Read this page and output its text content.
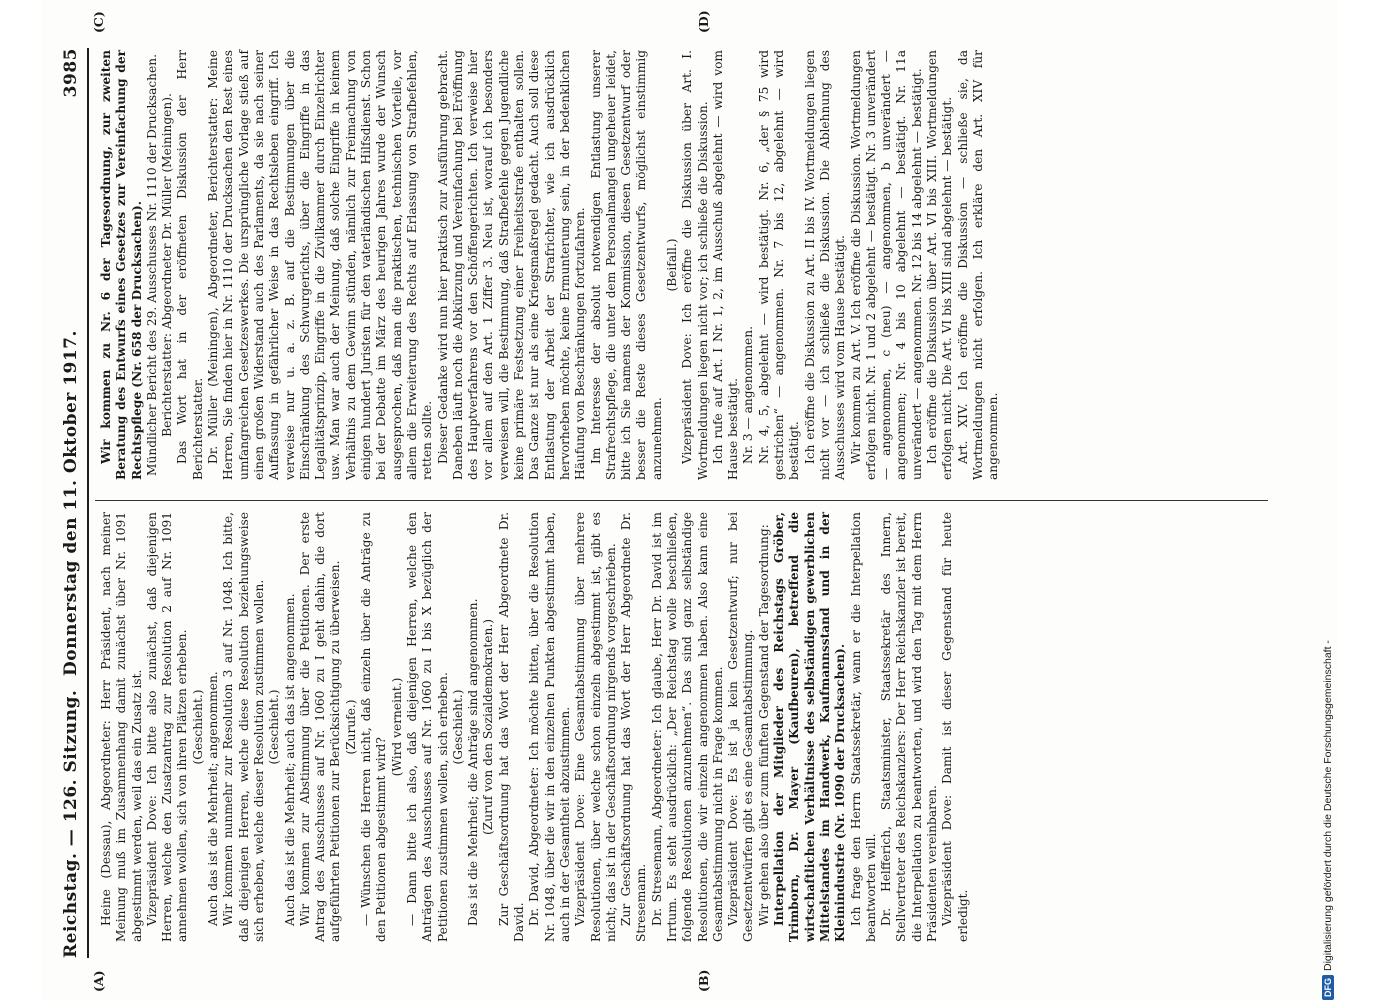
Reichstag. — 126. Sitzung.
Donnerstag den 11. Oktober 1917.
3985
(A)	(B)
(C)	(D)

Heine (Dessau), Abgeordneter: Herr Präsident, nach meiner Meinung muß im Zusammenhang damit zunächst über Nr. 1091 abgestimmt werden, weil das ein Zusatz ist. Vizepräsident Dove: Ich bitte also zunächst, daß diejenigen Herren, welche den Zusatzantrag zur Resolution 2 auf Nr. 1091 annehmen wollen, sich von ihren Plätzen erheben. (Geschieht.) Auch das ist die Mehrheit; angenommen. Wir kommen nunmehr zur Resolution 3 auf Nr. 1048. Ich bitte, daß diejenigen Herren, welche diese Resolution beziehungsweise sich erheben, welche dieser Resolution zustimmen wollen. (Geschieht.) Auch das ist die Mehrheit; auch das ist angenommen. Wir kommen zur Abstimmung über die Petitionen. Der erste Antrag des Ausschusses auf Nr. 1060 zu I geht dahin, die dort aufgeführten Petitionen zur Berücksichtigung zu überweisen. (Zurufe.) — Wünschen die Herren nicht, daß einzeln über die Anträge zu den Petitionen abgestimmt wird?

(Wird verneint.) — Dann bitte ich also, daß diejenigen Herren, welche den Anträgen des Ausschusses auf Nr. 1060 zu I bis X bezüglich der Petitionen zustimmen wollen, sich erheben. (Geschieht.) Das ist die Mehrheit; die Anträge sind angenommen. (Zuruf von den Sozialdemokraten.) Zur Geschäftsordnung hat das Wort der Herr Abgeordnete Dr. David. Dr. David, Abgeordneter: Ich möchte bitten, über die Resolution Nr. 1048, über die wir in den einzelnen Punkten abgestimmt haben, auch in der Gesamtheit abzustimmen. Vizepräsident Dove: Eine Gesamtabstimmung über mehrere Resolutionen, über welche schon einzeln abgestimmt ist, gibt es nicht; das ist in der Geschäftsordnung nirgends vorgeschrieben. Zur Geschäftsordnung hat das Wort der Herr Abgeordnete Dr. Stresemann. Dr. Stresemann, Abgeordneter: Ich glaube, Herr Dr. David ist im Irrtum. Es steht ausdrücklich: „Der Reichstag wolle beschließen, folgende Resolutionen anzunehmen“. Das sind ganz selbständige Resolutionen, die wir einzeln angenommen haben. Also kann eine Gesamtabstimmung nicht in Frage kommen. Vizepräsident Dove: Es ist ja kein Gesetzentwurf; nur bei Gesetzentwürfen gibt es eine Gesamtabstimmung. Wir gehen also über zum fünften Gegenstand der Tagesordnung: Interpellation der Mitglieder des Reichstags Gröber, Trimborn, Dr. Mayer (Kaufbeuren), betreffend die wirtschaftlichen Verhältnisse des selbständigen gewerblichen Mittelstandes im Handwerk, Kaufmannsstand und in der Kleinindustrie (Nr. 1090 der Drucksachen). Ich frage den Herrn Staatssekretär, wann er die Interpellation beantworten will. Dr. Helfferich, Staatsminister, Staatssekretär des Innern, Stellvertreter des Reichskanzlers: Der Herr Reichskanzler ist bereit, die Interpellation zu beantworten, und wird den Tag mit dem Herrn Präsidenten vereinbaren. Vizepräsident Dove: Damit ist dieser Gegenstand für heute erledigt.

Wir kommen zu Nr. 6 der Tagesordnung, zur zweiten Beratung des Entwurfs eines Gesetzes zur Vereinfachung der Rechtspflege (Nr. 658 der Drucksachen). Mündlicher Bericht des 29. Ausschusses Nr. 1110 der Drucksachen. Berichterstatter: Abgeordneter Dr. Müller (Meiningen). Das Wort hat in der eröffneten Diskussion der Herr Berichterstatter. Dr. Müller (Meiningen), Abgeordneter, Berichterstatter: Meine Herren, Sie finden hier in Nr. 1110 der Drucksachen den Rest eines umfangreichen Gesetzeswerkes. Die ursprüngliche Vorlage stieß auf einen großen Widerstand auch des Parlaments, da sie nach seiner Auffassung in gefährlicher Weise in das Rechtsleben eingriff. Ich verweise nur u. a. z. B. auf die Bestimmungen über die Einschränkung des Schwurgerichts, über die Eingriffe in das Legalitätsprinzip, Eingriffe in die Zivilkammer durch Einzelrichter usw. Man war auch der Meinung, daß solche Eingriffe in keinem Verhältnis zu dem Gewinn stünden, nämlich zur Freimachung von einigen hundert Juristen für den vaterländischen Hilfsdienst. Schon bei der Debatte im März des heurigen Jahres wurde der Wunsch ausgesprochen, daß man die praktischen, technischen Vorteile, vor allem die Erweiterung des Rechts auf Erlassung von Strafbefehlen, retten sollte. Dieser Gedanke wird nun hier praktisch zur Ausführung gebracht. Daneben läuft noch die Abkürzung und Vereinfachung bei Eröffnung des Hauptverfahrens vor den Schöffengerichten. Ich verweise hier vor allem auf den Art. 1 Ziffer 3. Neu ist, worauf ich besonders verweisen will, die Bestimmung, daß Strafbefehle gegen Jugendliche keine primäre Festsetzung einer Freiheitsstrafe enthalten sollen. Das Ganze ist nur als eine Kriegsmaßregel gedacht. Auch soll diese Entlastung der Arbeit der Strafrichter, wie ich ausdrücklich hervorheben möchte, keine Ermunterung sein, in der bedenklichen Häufung von Beschränkungen fortzufahren. Im Interesse der absolut notwendigen Entlastung unserer Strafrechtspflege, die unter dem Personalmangel ungeheuer leidet, bitte ich Sie namens der Kommission, diesen Gesetzentwurf oder besser die Reste dieses Gesetzentwurfs, möglichst einstimmig anzunehmen.

(Beifall.) Vizepräsident Dove: Ich eröffne die Diskussion über Art. I. Wortmeldungen liegen nicht vor; ich schließe die Diskussion. Ich rufe auf Art. I Nr. 1, 2, im Ausschuß abgelehnt — wird vom Hause bestätigt. Nr. 3 — angenommen. Nr. 4, 5, abgelehnt — wird bestätigt. Nr. 6, „der § 75 wird gestrichen“ — angenommen. Nr. 7 bis 12, abgelehnt — wird bestätigt. Ich eröffne die Diskussion zu Art. II bis IV. Wortmeldungen liegen nicht vor — ich schließe die Diskussion. Die Ablehnung des Ausschusses wird vom Hause bestätigt. Wir kommen zu Art. V. Ich eröffne die Diskussion. Wortmeldungen erfolgen nicht. Nr. 1 und 2 abgelehnt — bestätigt. Nr. 3 unverändert — angenommen, c (neu) — angenommen, b unverändert — angenommen; Nr. 4 bis 10 abgelehnt — bestätigt. Nr. 11a unverändert — angenommen. Nr. 12 bis 14 abgelehnt — bestätigt. Ich eröffne die Diskussion über Art. VI bis XIII. Wortmeldungen erfolgen nicht. Die Art. VI bis XIII sind abgelehnt — bestätigt. Art. XIV. Ich eröffne die Diskussion — schließe sie, da Wortmeldungen nicht erfolgen. Ich erkläre den Art. XIV für angenommen.

DFGDigitalisierung gefördert durch die Deutsche Forschungsgemeinschaft -
